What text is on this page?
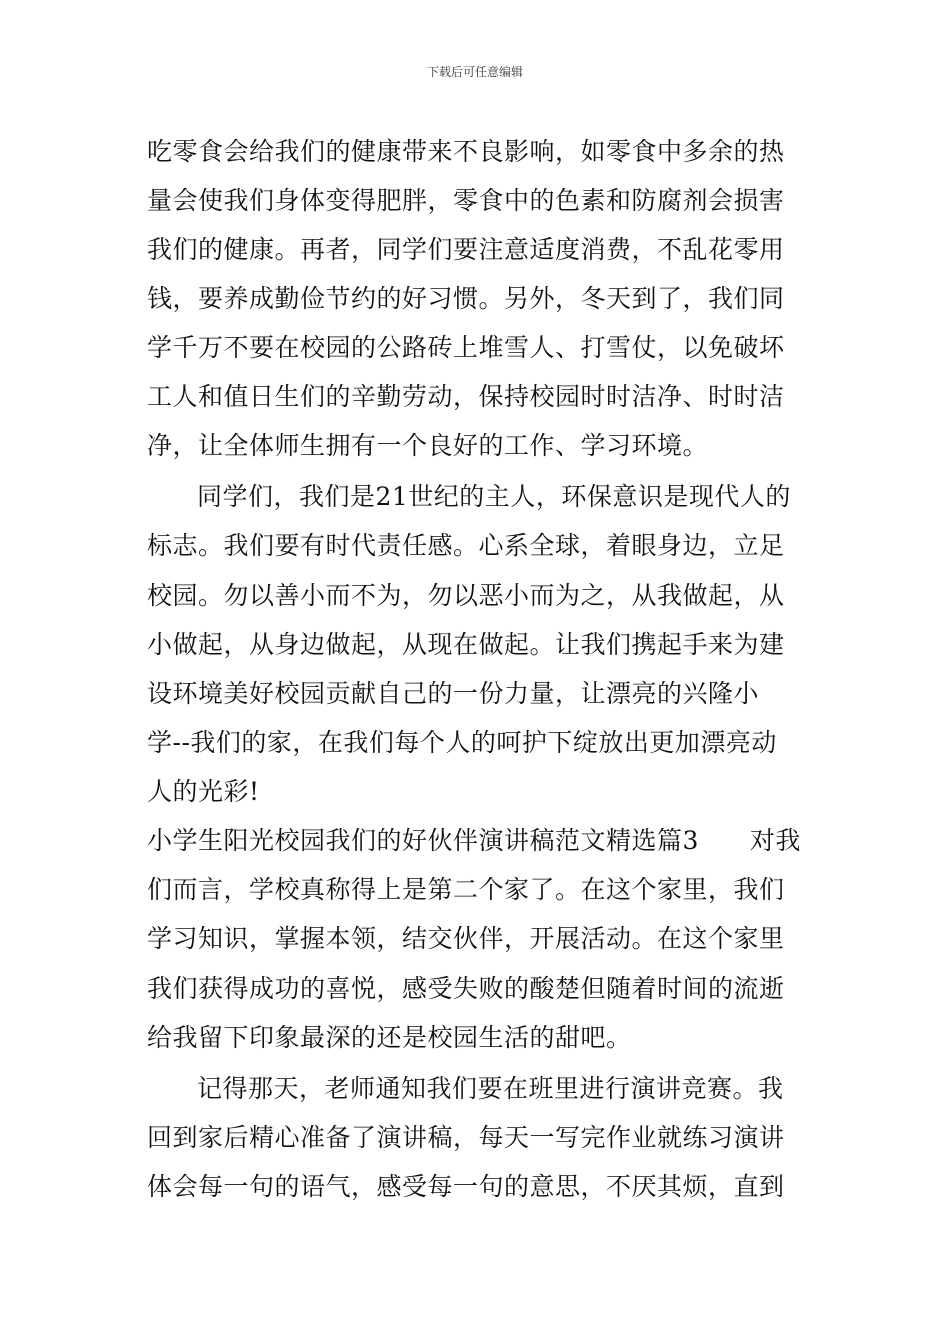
下载后可任意编辑
吃零食会给我们的健康带来不良影响，如零食中多余的热
量会使我们身体变得肥胖，零食中的色素和防腐剂会损害
我们的健康。再者，同学们要注意适度消费，不乱花零用
钱，要养成勤俭节约的好习惯。另外，冬天到了，我们同
学千万不要在校园的公路砖上堆雪人、打雪仗，以免破坏
工人和值日生们的辛勤劳动，保持校园时时洁净、时时洁
净，让全体师生拥有一个良好的工作、学习环境。
同学们，我们是21世纪的主人，环保意识是现代人的
标志。我们要有时代责任感。心系全球，着眼身边，立足
校园。勿以善小而不为，勿以恶小而为之，从我做起，从
小做起，从身边做起，从现在做起。让我们携起手来为建
设环境美好校园贡献自己的一份力量，让漂亮的兴隆小
学--我们的家，在我们每个人的呵护下绽放出更加漂亮动
人的光彩!
小学生阳光校园我们的好伙伴演讲稿范文精选篇3　　对我
们而言，学校真称得上是第二个家了。在这个家里，我们
学习知识，掌握本领，结交伙伴，开展活动。在这个家里
我们获得成功的喜悦，感受失败的酸楚但随着时间的流逝
给我留下印象最深的还是校园生活的甜吧。
记得那天，老师通知我们要在班里进行演讲竞赛。我
回到家后精心准备了演讲稿，每天一写完作业就练习演讲
体会每一句的语气，感受每一句的意思，不厌其烦，直到
